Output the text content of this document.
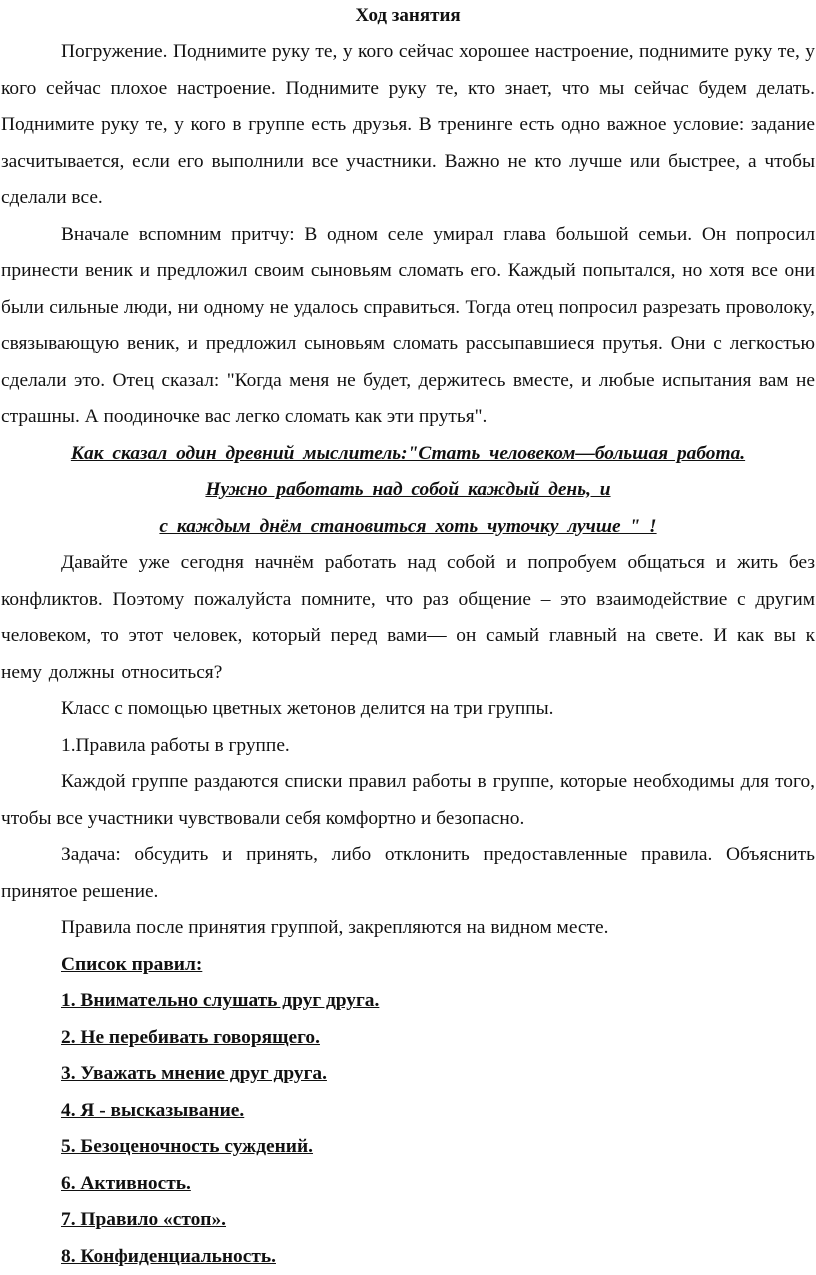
Ход занятия

Погружение. Поднимите руку те, у кого сейчас хорошее настроение, поднимите руку те, у кого сейчас плохое настроение. Поднимите руку те, кто знает, что мы сейчас будем делать. Поднимите руку те, у кого в группе есть друзья. В тренинге есть одно важное условие: задание засчитывается, если его выполнили все участники. Важно не кто лучше или быстрее, а чтобы сделали все.

Вначале вспомним притчу: В одном селе умирал глава большой семьи. Он попросил принести веник и предложил своим сыновьям сломать его. Каждый попытался, но хотя все они были сильные люди, ни одному не удалось справиться. Тогда отец попросил разрезать проволоку, связывающую веник, и предложил сыновьям сломать рассыпавшиеся прутья. Они с легкостью сделали это. Отец сказал: "Когда меня не будет, держитесь вместе, и любые испытания вам не страшны. А поодиночке вас легко сломать как эти прутья".

Как сказал один древний мыслитель:"Стать человеком—большая работа.

Нужно работать над собой каждый день, и

с каждым днём становиться хоть чуточку лучше " !

Давайте уже сегодня начнём работать над собой и попробуем общаться и жить без конфликтов. Поэтому пожалуйста помните, что раз общение – это взаимодействие с другим человеком, то этот человек, который перед вами— он самый главный на свете. И как вы к нему должны относиться?

Класс с помощью цветных жетонов делится на три группы.

1.Правила работы в группе.

Каждой группе раздаются списки правил работы в группе, которые необходимы для того, чтобы все участники чувствовали себя комфортно и безопасно.

Задача: обсудить и принять, либо отклонить предоставленные правила. Объяснить принятое решение.

Правила после принятия группой, закрепляются на видном месте.

Список правил:

1. Внимательно слушать друг друга.

2. Не перебивать говорящего.

3. Уважать мнение друг друга.

4. Я - высказывание.

5. Безоценочность суждений.

6. Активность.

7. Правило «стоп».

8. Конфиденциальность.
